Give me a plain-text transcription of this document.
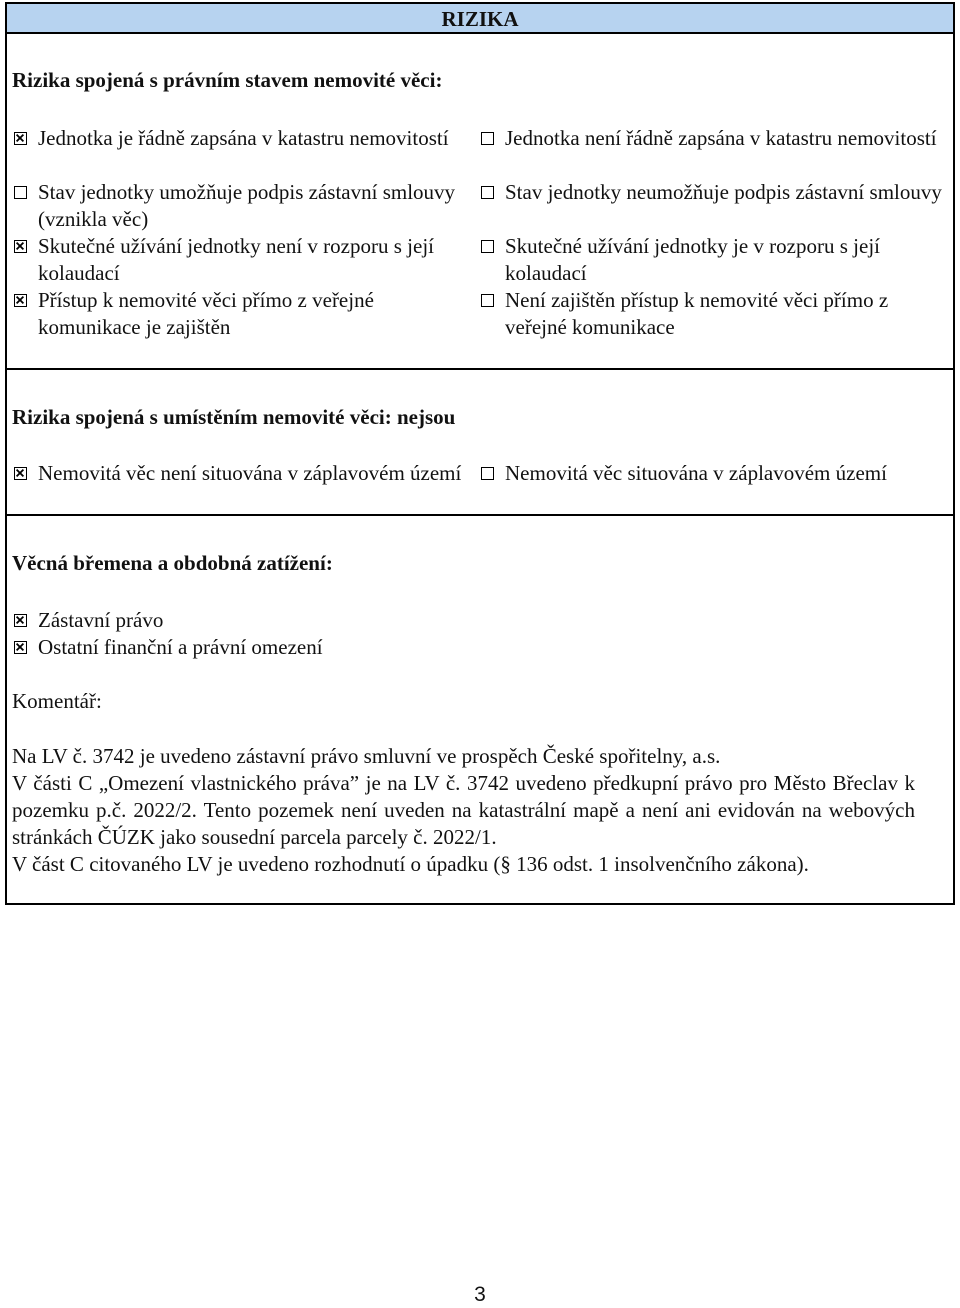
RIZIKA
Rizika spojená s právním stavem nemovité věci:
Jednotka je řádně zapsána v katastru nemovitostí
Stav jednotky umožňuje podpis zástavní smlouvy (vznikla věc)
Skutečné užívání jednotky není v rozporu s její kolaudací
Přístup k nemovité věci přímo z veřejné komunikace je zajištěn
Jednotka není řádně zapsána v katastru nemovitostí
Stav jednotky neumožňuje podpis zástavní smlouvy
Skutečné užívání jednotky je v rozporu s její kolaudací
Není zajištěn přístup k nemovité věci přímo z veřejné komunikace
Rizika spojená s umístěním nemovité věci: nejsou
Nemovitá věc není situována v záplavovém území	Nemovitá věc situována v záplavovém území
Věcná břemena a obdobná zatížení:
Zástavní právo
Ostatní finanční a právní omezení
Komentář:
Na LV č. 3742 je uvedeno zástavní právo smluvní ve prospěch České spořitelny, a.s.
V části C „Omezení vlastnického práva” je na LV č. 3742 uvedeno předkupní právo pro Město Břeclav k pozemku p.č. 2022/2. Tento pozemek není uveden na katastrální mapě a není ani evidován na webových stránkách ČÚZK jako sousední parcela parcely č. 2022/1.
V část C citovaného LV je uvedeno rozhodnutí o úpadku (§ 136 odst. 1 insolvenčního zákona).
3
